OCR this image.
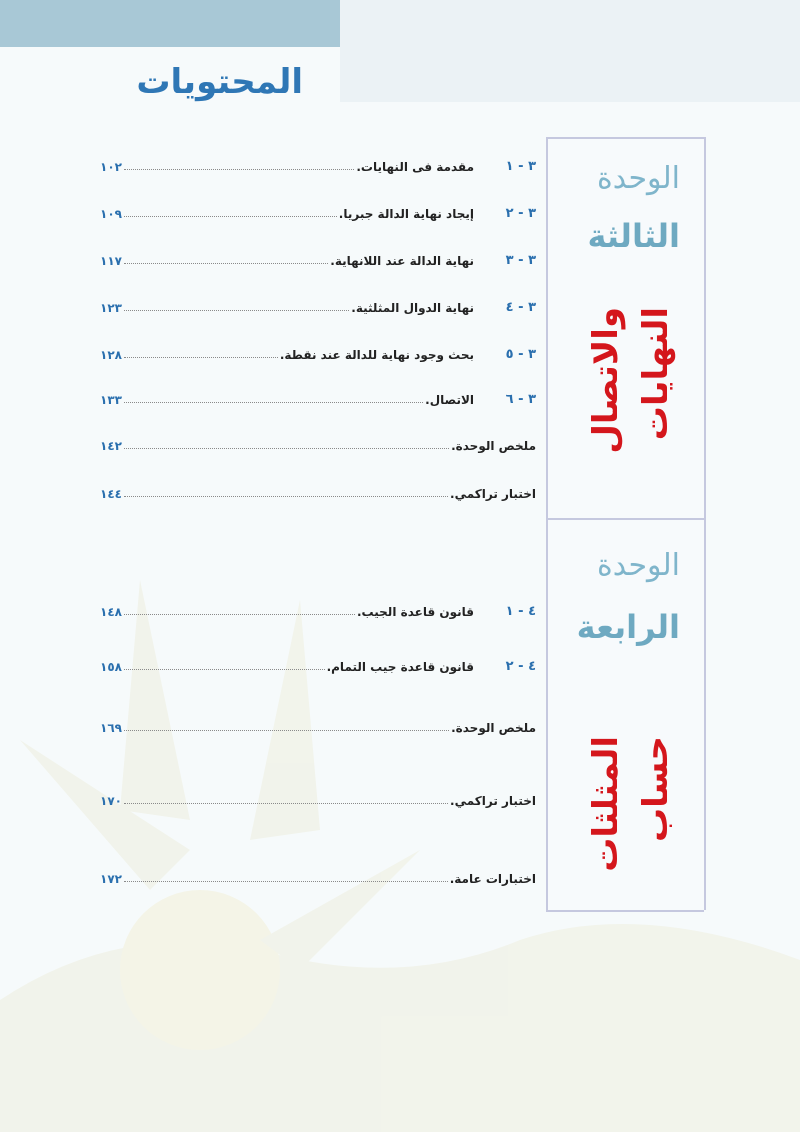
المحتويات
الوحدة
الثالثة
النهايات
والاتصال
الوحدة
الرابعة
حساب
المثلثات
١٠٢	مقدمة فى النهايات.	٣ - ١
١٠٩	إيجاد نهاية الدالة جبريا.	٣ - ٢
١١٧	نهاية الدالة عند اللانهاية.	٣ - ٣
١٢٣	نهاية الدوال المثلثية.	٣ - ٤
١٢٨	بحث وجود نهاية للدالة عند نقطة.	٣ - ٥
١٣٣	الاتصال.	٣ - ٦
١٤٢	ملخص الوحدة.
١٤٤	اختبار تراكمي.
١٤٨	قانون قاعدة الجيب.	٤ - ١
١٥٨	قانون قاعدة جيب التمام.	٤ - ٢
١٦٩	ملخص الوحدة.
١٧٠	اختبار تراكمي.
١٧٢	اختبارات عامة.
